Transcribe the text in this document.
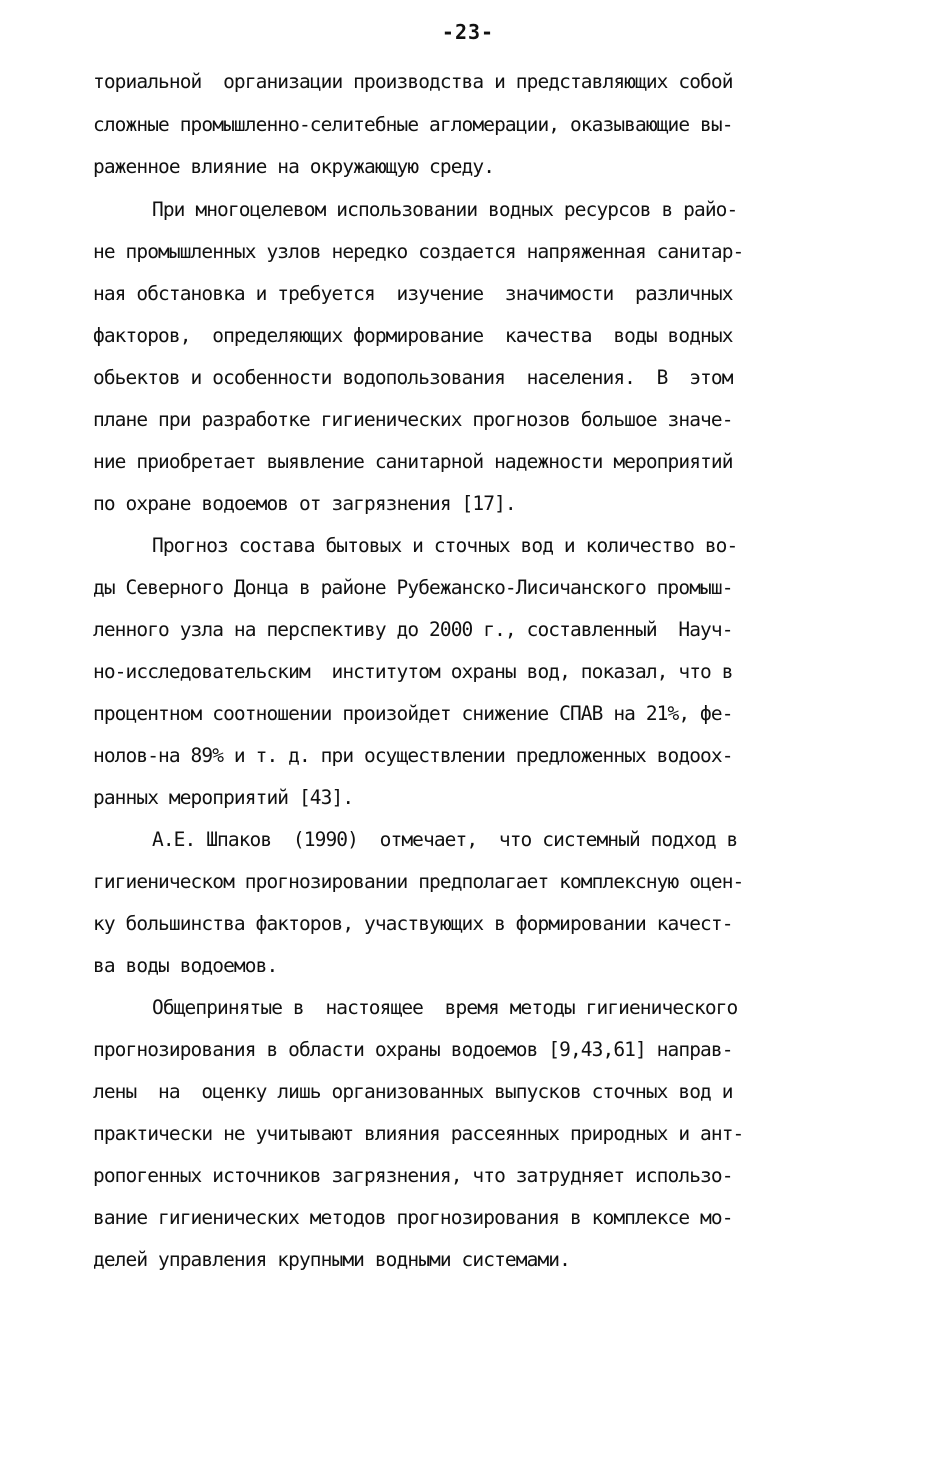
-23-
ториальной  организации производства и представляющих собой
сложные промышленно-селитебные агломерации, оказывающие вы-
раженное влияние на окружающую среду.
При многоцелевом использовании водных ресурсов в райо-
не промышленных узлов нередко создается напряженная санитар-
ная обстановка и требуется  изучение  значимости  различных
факторов,  определяющих формирование  качества  воды водных
обьектов и особенности водопользования  населения.  В  этом
плане при разработке гигиенических прогнозов большое значе-
ние приобретает выявление санитарной надежности мероприятий
по охране водоемов от загрязнения [17].
Прогноз состава бытовых и сточных вод и количество во-
ды Северного Донца в районе Рубежанско-Лисичанского промыш-
ленного узла на перспективу до 2000 г., составленный  Науч-
но-исследовательским  институтом охраны вод, показал, что в
процентном соотношении произойдет снижение СПАВ на 21%, фе-
нолов-на 89% и т. д. при осуществлении предложенных водоох-
ранных мероприятий [43].
А.Е. Шпаков  (1990)  отмечает,  что системный подход в
гигиеническом прогнозировании предполагает комплексную оцен-
ку большинства факторов, участвующих в формировании качест-
ва воды водоемов.
Общепринятые в  настоящее  время методы гигиенического
прогнозирования в области охраны водоемов [9,43,61] направ-
лены  на  оценку лишь организованных выпусков сточных вод и
практически не учитывают влияния рассеянных природных и ант-
ропогенных источников загрязнения, что затрудняет использо-
вание гигиенических методов прогнозирования в комплексе мо-
делей управления крупными водными системами.
